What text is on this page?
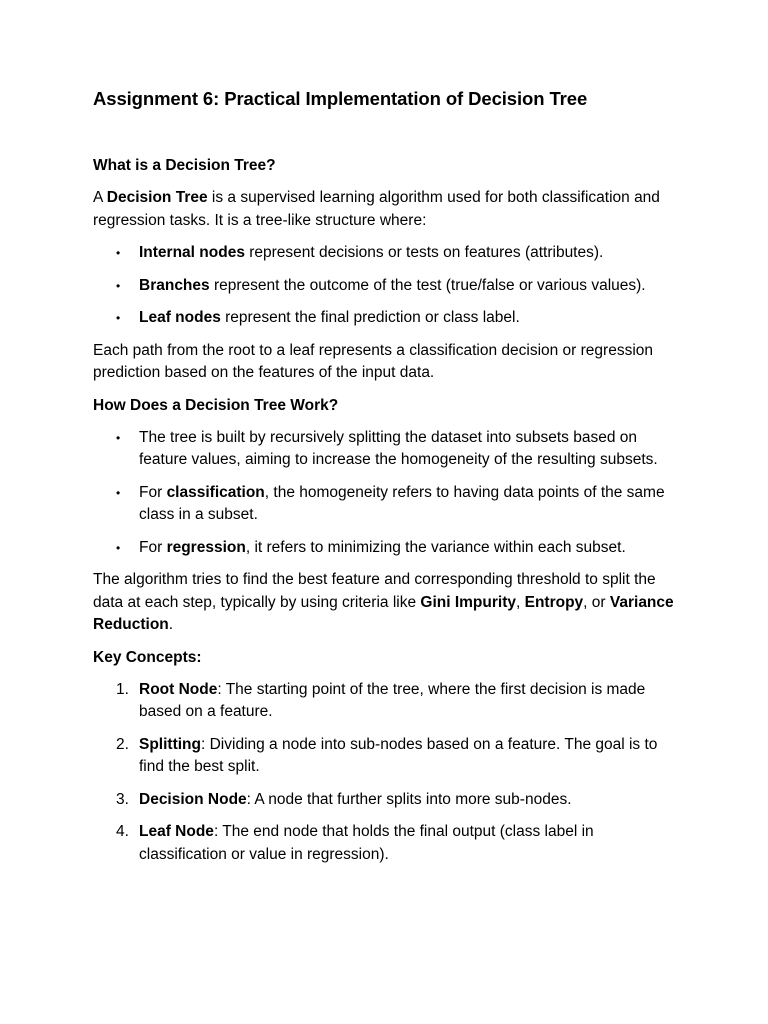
Assignment 6: Practical Implementation of Decision Tree
What is a Decision Tree?

A Decision Tree is a supervised learning algorithm used for both classification and regression tasks. It is a tree-like structure where:

• Internal nodes represent decisions or tests on features (attributes).
• Branches represent the outcome of the test (true/false or various values).
• Leaf nodes represent the final prediction or class label.

Each path from the root to a leaf represents a classification decision or regression prediction based on the features of the input data.

How Does a Decision Tree Work?
• The tree is built by recursively splitting the dataset into subsets based on feature values, aiming to increase the homogeneity of the resulting subsets.
• For classification, the homogeneity refers to having data points of the same class in a subset.
• For regression, it refers to minimizing the variance within each subset.

The algorithm tries to find the best feature and corresponding threshold to split the data at each step, typically by using criteria like Gini Impurity, Entropy, or Variance Reduction.

Key Concepts:
1. Root Node: The starting point of the tree, where the first decision is made based on a feature.
2. Splitting: Dividing a node into sub-nodes based on a feature. The goal is to find the best split.
3. Decision Node: A node that further splits into more sub-nodes.
4. Leaf Node: The end node that holds the final output (class label in classification or value in regression).
